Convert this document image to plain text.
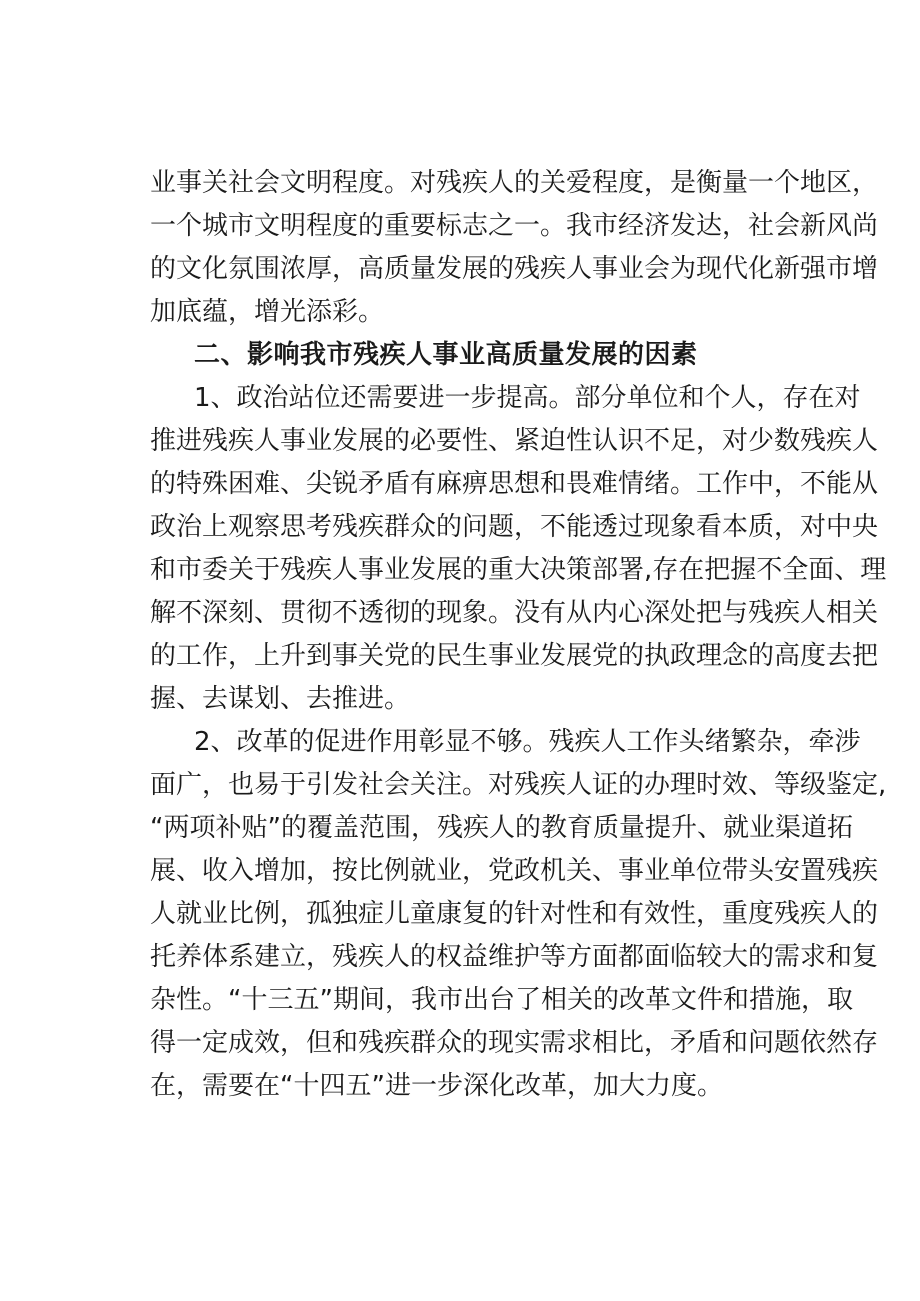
业事关社会文明程度。对残疾人的关爱程度，是衡量一个地区，
一个城市文明程度的重要标志之一。我市经济发达，社会新风尚
的文化氛围浓厚，高质量发展的残疾人事业会为现代化新强市增
加底蕴，增光添彩。
二、影响我市残疾人事业高质量发展的因素
1、政治站位还需要进一步提高。部分单位和个人，存在对
推进残疾人事业发展的必要性、紧迫性认识不足，对少数残疾人
的特殊困难、尖锐矛盾有麻痹思想和畏难情绪。工作中，不能从
政治上观察思考残疾群众的问题，不能透过现象看本质，对中央
和市委关于残疾人事业发展的重大决策部署,存在把握不全面、理
解不深刻、贯彻不透彻的现象。没有从内心深处把与残疾人相关
的工作，上升到事关党的民生事业发展党的执政理念的高度去把
握、去谋划、去推进。
2、改革的促进作用彰显不够。残疾人工作头绪繁杂，牵涉
面广，也易于引发社会关注。对残疾人证的办理时效、等级鉴定,
“两项补贴”的覆盖范围，残疾人的教育质量提升、就业渠道拓
展、收入增加，按比例就业，党政机关、事业单位带头安置残疾
人就业比例，孤独症儿童康复的针对性和有效性，重度残疾人的
托养体系建立，残疾人的权益维护等方面都面临较大的需求和复
杂性。“十三五”期间，我市出台了相关的改革文件和措施，取
得一定成效，但和残疾群众的现实需求相比，矛盾和问题依然存
在，需要在“十四五”进一步深化改革，加大力度。
